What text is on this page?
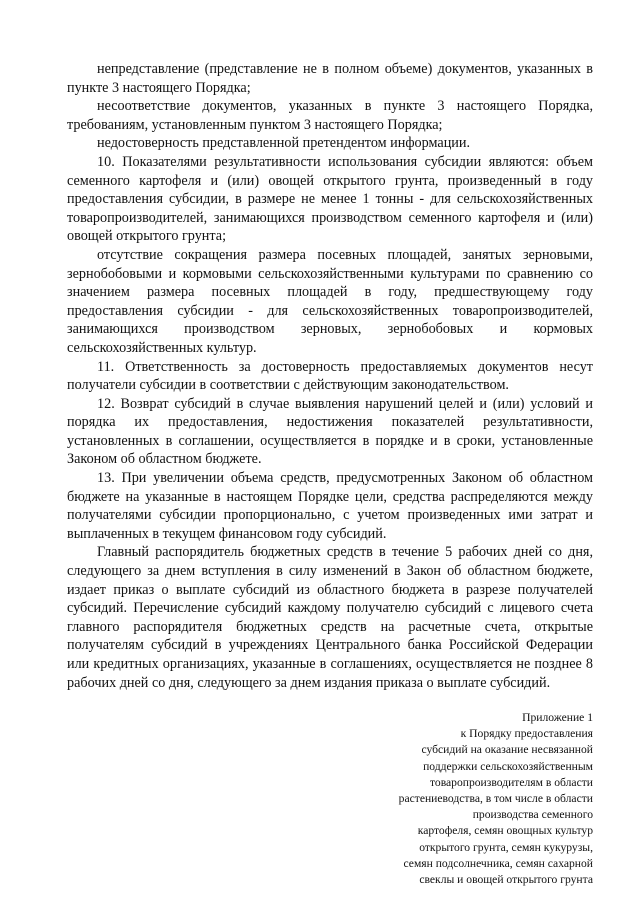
непредставление (представление не в полном объеме) документов, указанных в пункте 3 настоящего Порядка;

несоответствие документов, указанных в пункте 3 настоящего Порядка, требованиям, установленным пунктом 3 настоящего Порядка;

недостоверность представленной претендентом информации.

10. Показателями результативности использования субсидии являются: объем семенного картофеля и (или) овощей открытого грунта, произведенный в году предоставления субсидии, в размере не менее 1 тонны - для сельскохозяйственных товаропроизводителей, занимающихся производством семенного картофеля и (или) овощей открытого грунта;

отсутствие сокращения размера посевных площадей, занятых зерновыми, зернобобовыми и кормовыми сельскохозяйственными культурами по сравнению со значением размера посевных площадей в году, предшествующему году предоставления субсидии - для сельскохозяйственных товаропроизводителей, занимающихся производством зерновых, зернобобовых и кормовых сельскохозяйственных культур.

11. Ответственность за достоверность предоставляемых документов несут получатели субсидии в соответствии с действующим законодательством.

12. Возврат субсидий в случае выявления нарушений целей и (или) условий и порядка их предоставления, недостижения показателей результативности, установленных в соглашении, осуществляется в порядке и в сроки, установленные Законом об областном бюджете.

13. При увеличении объема средств, предусмотренных Законом об областном бюджете на указанные в настоящем Порядке цели, средства распределяются между получателями субсидии пропорционально, с учетом произведенных ими затрат и выплаченных в текущем финансовом году субсидий.

Главный распорядитель бюджетных средств в течение 5 рабочих дней со дня, следующего за днем вступления в силу изменений в Закон об областном бюджете, издает приказ о выплате субсидий из областного бюджета в разрезе получателей субсидий. Перечисление субсидий каждому получателю субсидий с лицевого счета главного распорядителя бюджетных средств на расчетные счета, открытые получателям субсидий в учреждениях Центрального банка Российской Федерации или кредитных организациях, указанные в соглашениях, осуществляется не позднее 8 рабочих дней со дня, следующего за днем издания приказа о выплате субсидий.

Приложение 1
к Порядку предоставления
субсидий на оказание несвязанной
поддержки сельскохозяйственным
товаропроизводителям в области
растениеводства, в том числе в области
производства семенного
картофеля, семян овощных культур
открытого грунта, семян кукурузы,
семян подсолнечника, семян сахарной
свеклы и овощей открытого грунта
